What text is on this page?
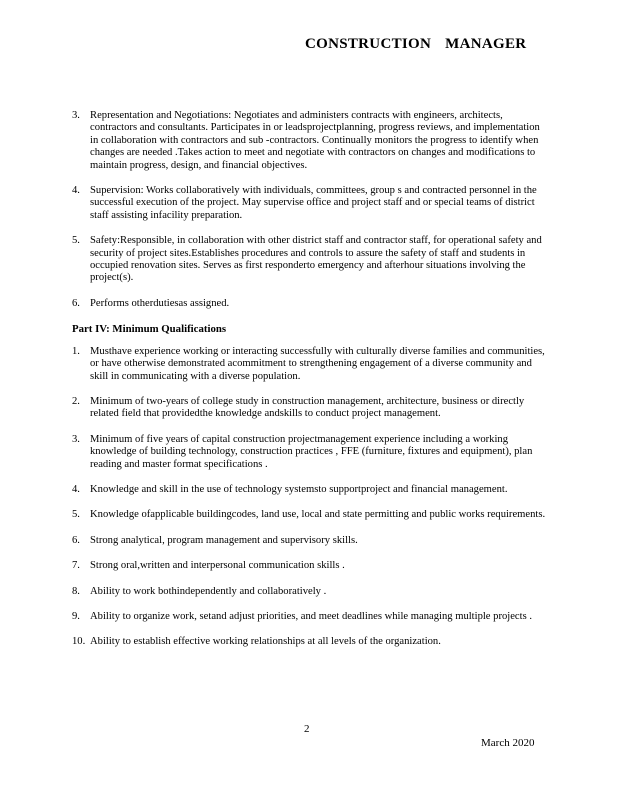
CONSTRUCTION MANAGER
3. Representation and Negotiations: Negotiates and administers contracts with engineers, architects, contractors and consultants. Participates in or leadsprojectplanning, progress reviews, and implementation in collaboration with contractors and sub -contractors. Continually monitors the progress to identify when changes are needed .Takes action to meet and negotiate with contractors on changes and modifications to maintain progress, design, and financial objectives.
4. Supervision: Works collaboratively with individuals, committees, group s and contracted personnel in the successful execution of the project. May supervise office and project staff and or special teams of district staff assisting infacility preparation.
5. Safety:Responsible, in collaboration with other district staff and contractor staff, for operational safety and security of project sites.Establishes procedures and controls to assure the safety of staff and students in occupied renovation sites. Serves as first responderto emergency and afterhour situations involving the project(s).
6. Performs otherdutiesas assigned.
Part IV: Minimum Qualifications
1. Musthave experience working or interacting successfully with culturally diverse families and communities, or have otherwise demonstrated acommitment to strengthening engagement of a diverse community and skill in communicating with a diverse population.
2. Minimum of two-years of college study in construction management, architecture, business or directly related field that providedthe knowledge andskills to conduct project management.
3. Minimum of five years of capital construction projectmanagement experience including a working knowledge of building technology, construction practices , FFE (furniture, fixtures and equipment), plan reading and master format specifications .
4. Knowledge and skill in the use of technology systemsto supportproject and financial management.
5. Knowledge ofapplicable buildingcodes, land use, local and state permitting and public works requirements.
6. Strong analytical, program management and supervisory skills.
7. Strong oral,written and interpersonal communication skills .
8. Ability to work bothindependently and collaboratively .
9. Ability to organize work, setand adjust priorities, and meet deadlines while managing multiple projects .
10. Ability to establish effective working relationships at all levels of the organization.
2
March 2020
